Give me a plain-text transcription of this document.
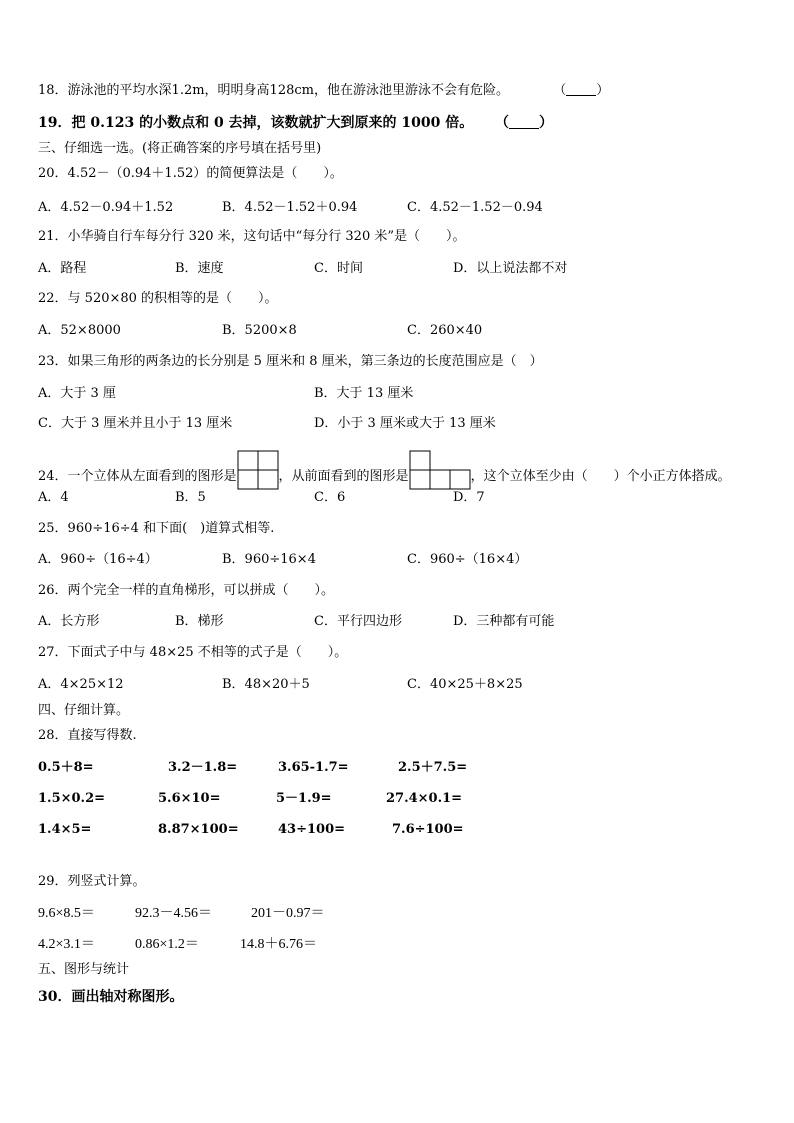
18．游泳池的平均水深1.2m，明明身高128cm，他在游泳池里游泳不会有危险。	（ ）
19．把 0.123 的小数点和 0 去掉，该数就扩大到原来的 1000 倍。 （ ）
三、仔细选一选。(将正确答案的序号填在括号里)
20．4.52－（0.94＋1.52）的简便算法是（　　）。
A．4.52－0.94＋1.52	B．4.52－1.52＋0.94	C．4.52－1.52－0.94
21．小华骑自行车每分行 320 米，这句话中“每分行 320 米”是（　　）。
A．路程	B．速度	C．时间	D．以上说法都不对
22．与 520×80 的积相等的是（　　）。
A．52×8000	B．5200×8	C．260×40
23．如果三角形的两条边的长分别是 5 厘米和 8 厘米，第三条边的长度范围应是（　）
A．大于 3 厘	B．大于 13 厘米
C．大于 3 厘米并且小于 13 厘米	D．小于 3 厘米或大于 13 厘米
24．一个立体从左面看到的图形是	，从前面看到的图形是	，这个立体至少由（　　）个小正方体搭成。
A．4	B．5	C．6	D．7
25．960÷16÷4 和下面(　)道算式相等.
A．960÷（16÷4）	B．960÷16×4	C．960÷（16×4）
26．两个完全一样的直角梯形，可以拼成（　　）。
A．长方形	B．梯形	C．平行四边形	D．三种都有可能
27．下面式子中与 48×25 不相等的式子是（　　）。
A．4×25×12	B．48×20＋5	C．40×25＋8×25
四、仔细计算。
28．直接写得数.
0.5＋8=	3.2－1.8=	3.65-1.7=	2.5＋7.5=
1.5×0.2=	5.6×10=	5－1.9=	27.4×0.1=
1.4×5=	8.87×100=	43÷100=	7.6÷100=
29．列竖式计算。
9.6×8.5＝	92.3－4.56＝	201－0.97＝
4.2×3.1＝	0.86×1.2＝	14.8＋6.76＝
五、图形与统计
30．画出轴对称图形。
